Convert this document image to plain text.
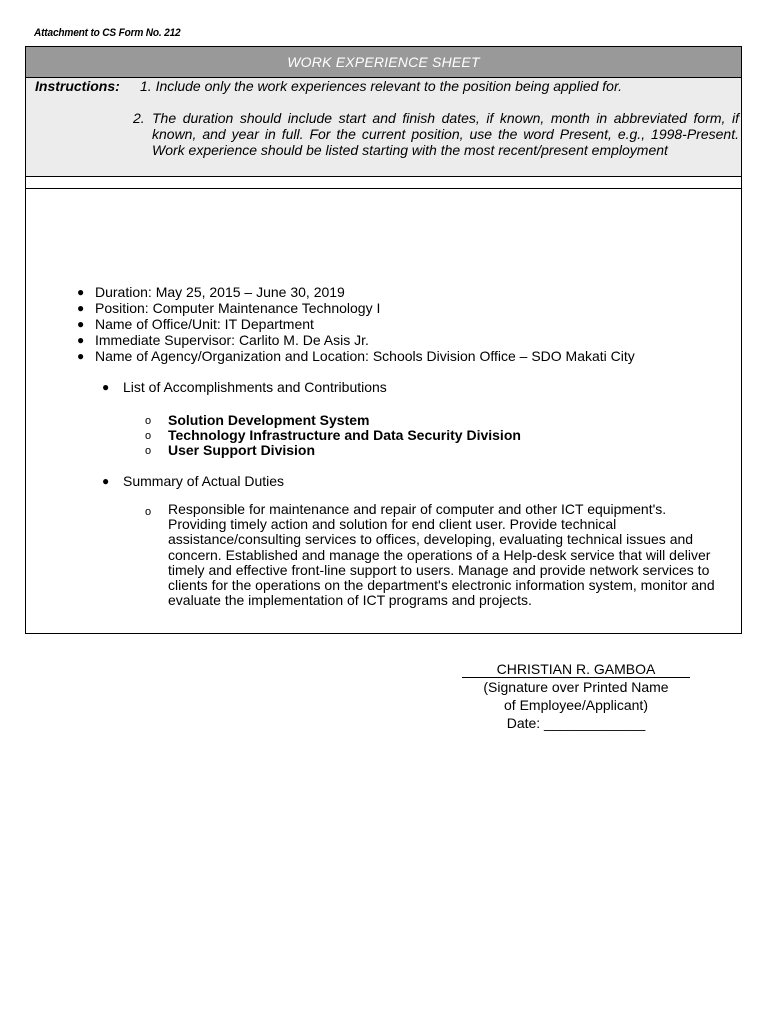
Attachment to CS Form No. 212
WORK EXPERIENCE SHEET
Instructions: 1. Include only the work experiences relevant to the position being applied for.
2. The duration should include start and finish dates, if known, month in abbreviated form, if known, and year in full. For the current position, use the word Present, e.g., 1998-Present. Work experience should be listed starting with the most recent/present employment
● Duration: May 25, 2015 – June 30, 2019
● Position: Computer Maintenance Technology I
● Name of Office/Unit: IT Department
● Immediate Supervisor: Carlito M. De Asis Jr.
● Name of Agency/Organization and Location: Schools Division Office – SDO Makati City
● List of Accomplishments and Contributions
o Solution Development System
o Technology Infrastructure and Data Security Division
o User Support Division
● Summary of Actual Duties
o Responsible for maintenance and repair of computer and other ICT equipment's. Providing timely action and solution for end client user. Provide technical assistance/consulting services to offices, developing, evaluating technical issues and concern. Established and manage the operations of a Help-desk service that will deliver timely and effective front-line support to users. Manage and provide network services to clients for the operations on the department's electronic information system, monitor and evaluate the implementation of ICT programs and projects.
CHRISTIAN R. GAMBOA
(Signature over Printed Name
of Employee/Applicant)
Date: _____________
